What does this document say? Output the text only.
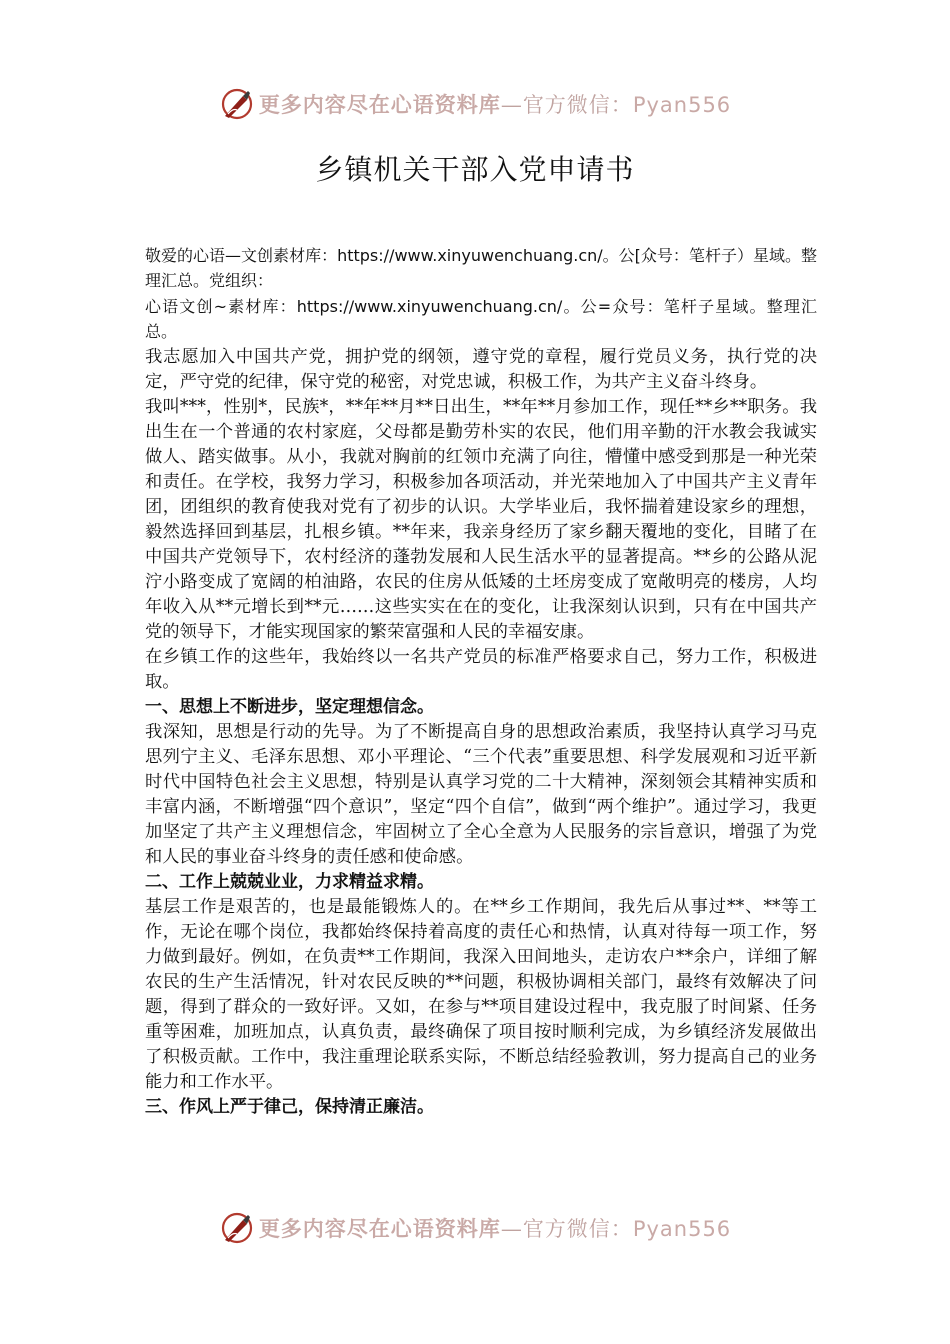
更多内容尽在心语资料库—官方微信：Pyan556
乡镇机关干部入党申请书

敬爱的心语—文创素材库：https://www.xinyuwenchuang.cn/。公[众号：笔杆子）星域。整理汇总。党组织：

心语文创~素材库：https://www.xinyuwenchuang.cn/。公=众号：笔杆子星域。整理汇总。

我志愿加入中国共产党，拥护党的纲领，遵守党的章程，履行党员义务，执行党的决定，严守党的纪律，保守党的秘密，对党忠诚，积极工作，为共产主义奋斗终身。

我叫***，性别*，民族*，**年**月**日出生，**年**月参加工作，现任**乡**职务。我出生在一个普通的农村家庭，父母都是勤劳朴实的农民，他们用辛勤的汗水教会我诚实做人、踏实做事。从小，我就对胸前的红领巾充满了向往，懵懂中感受到那是一种光荣和责任。在学校，我努力学习，积极参加各项活动，并光荣地加入了中国共产主义青年团，团组织的教育使我对党有了初步的认识。大学毕业后，我怀揣着建设家乡的理想，毅然选择回到基层，扎根乡镇。**年来，我亲身经历了家乡翻天覆地的变化，目睹了在中国共产党领导下，农村经济的蓬勃发展和人民生活水平的显著提高。**乡的公路从泥泞小路变成了宽阔的柏油路，农民的住房从低矮的土坯房变成了宽敞明亮的楼房，人均年收入从**元增长到**元……这些实实在在的变化，让我深刻认识到，只有在中国共产党的领导下，才能实现国家的繁荣富强和人民的幸福安康。

在乡镇工作的这些年，我始终以一名共产党员的标准严格要求自己，努力工作，积极进取。

一、思想上不断进步，坚定理想信念。

我深知，思想是行动的先导。为了不断提高自身的思想政治素质，我坚持认真学习马克思列宁主义、毛泽东思想、邓小平理论、“三个代表”重要思想、科学发展观和习近平新时代中国特色社会主义思想，特别是认真学习党的二十大精神，深刻领会其精神实质和丰富内涵，不断增强“四个意识”，坚定“四个自信”，做到“两个维护”。通过学习，我更加坚定了共产主义理想信念，牢固树立了全心全意为人民服务的宗旨意识，增强了为党和人民的事业奋斗终身的责任感和使命感。

二、工作上兢兢业业，力求精益求精。

基层工作是艰苦的，也是最能锻炼人的。在**乡工作期间，我先后从事过**、**等工作，无论在哪个岗位，我都始终保持着高度的责任心和热情，认真对待每一项工作，努力做到最好。例如，在负责**工作期间，我深入田间地头，走访农户**余户，详细了解农民的生产生活情况，针对农民反映的**问题，积极协调相关部门，最终有效解决了问题，得到了群众的一致好评。又如，在参与**项目建设过程中，我克服了时间紧、任务重等困难，加班加点，认真负责，最终确保了项目按时顺利完成，为乡镇经济发展做出了积极贡献。工作中，我注重理论联系实际，不断总结经验教训，努力提高自己的业务能力和工作水平。

三、作风上严于律己，保持清正廉洁。

更多内容尽在心语资料库—官方微信：Pyan556
